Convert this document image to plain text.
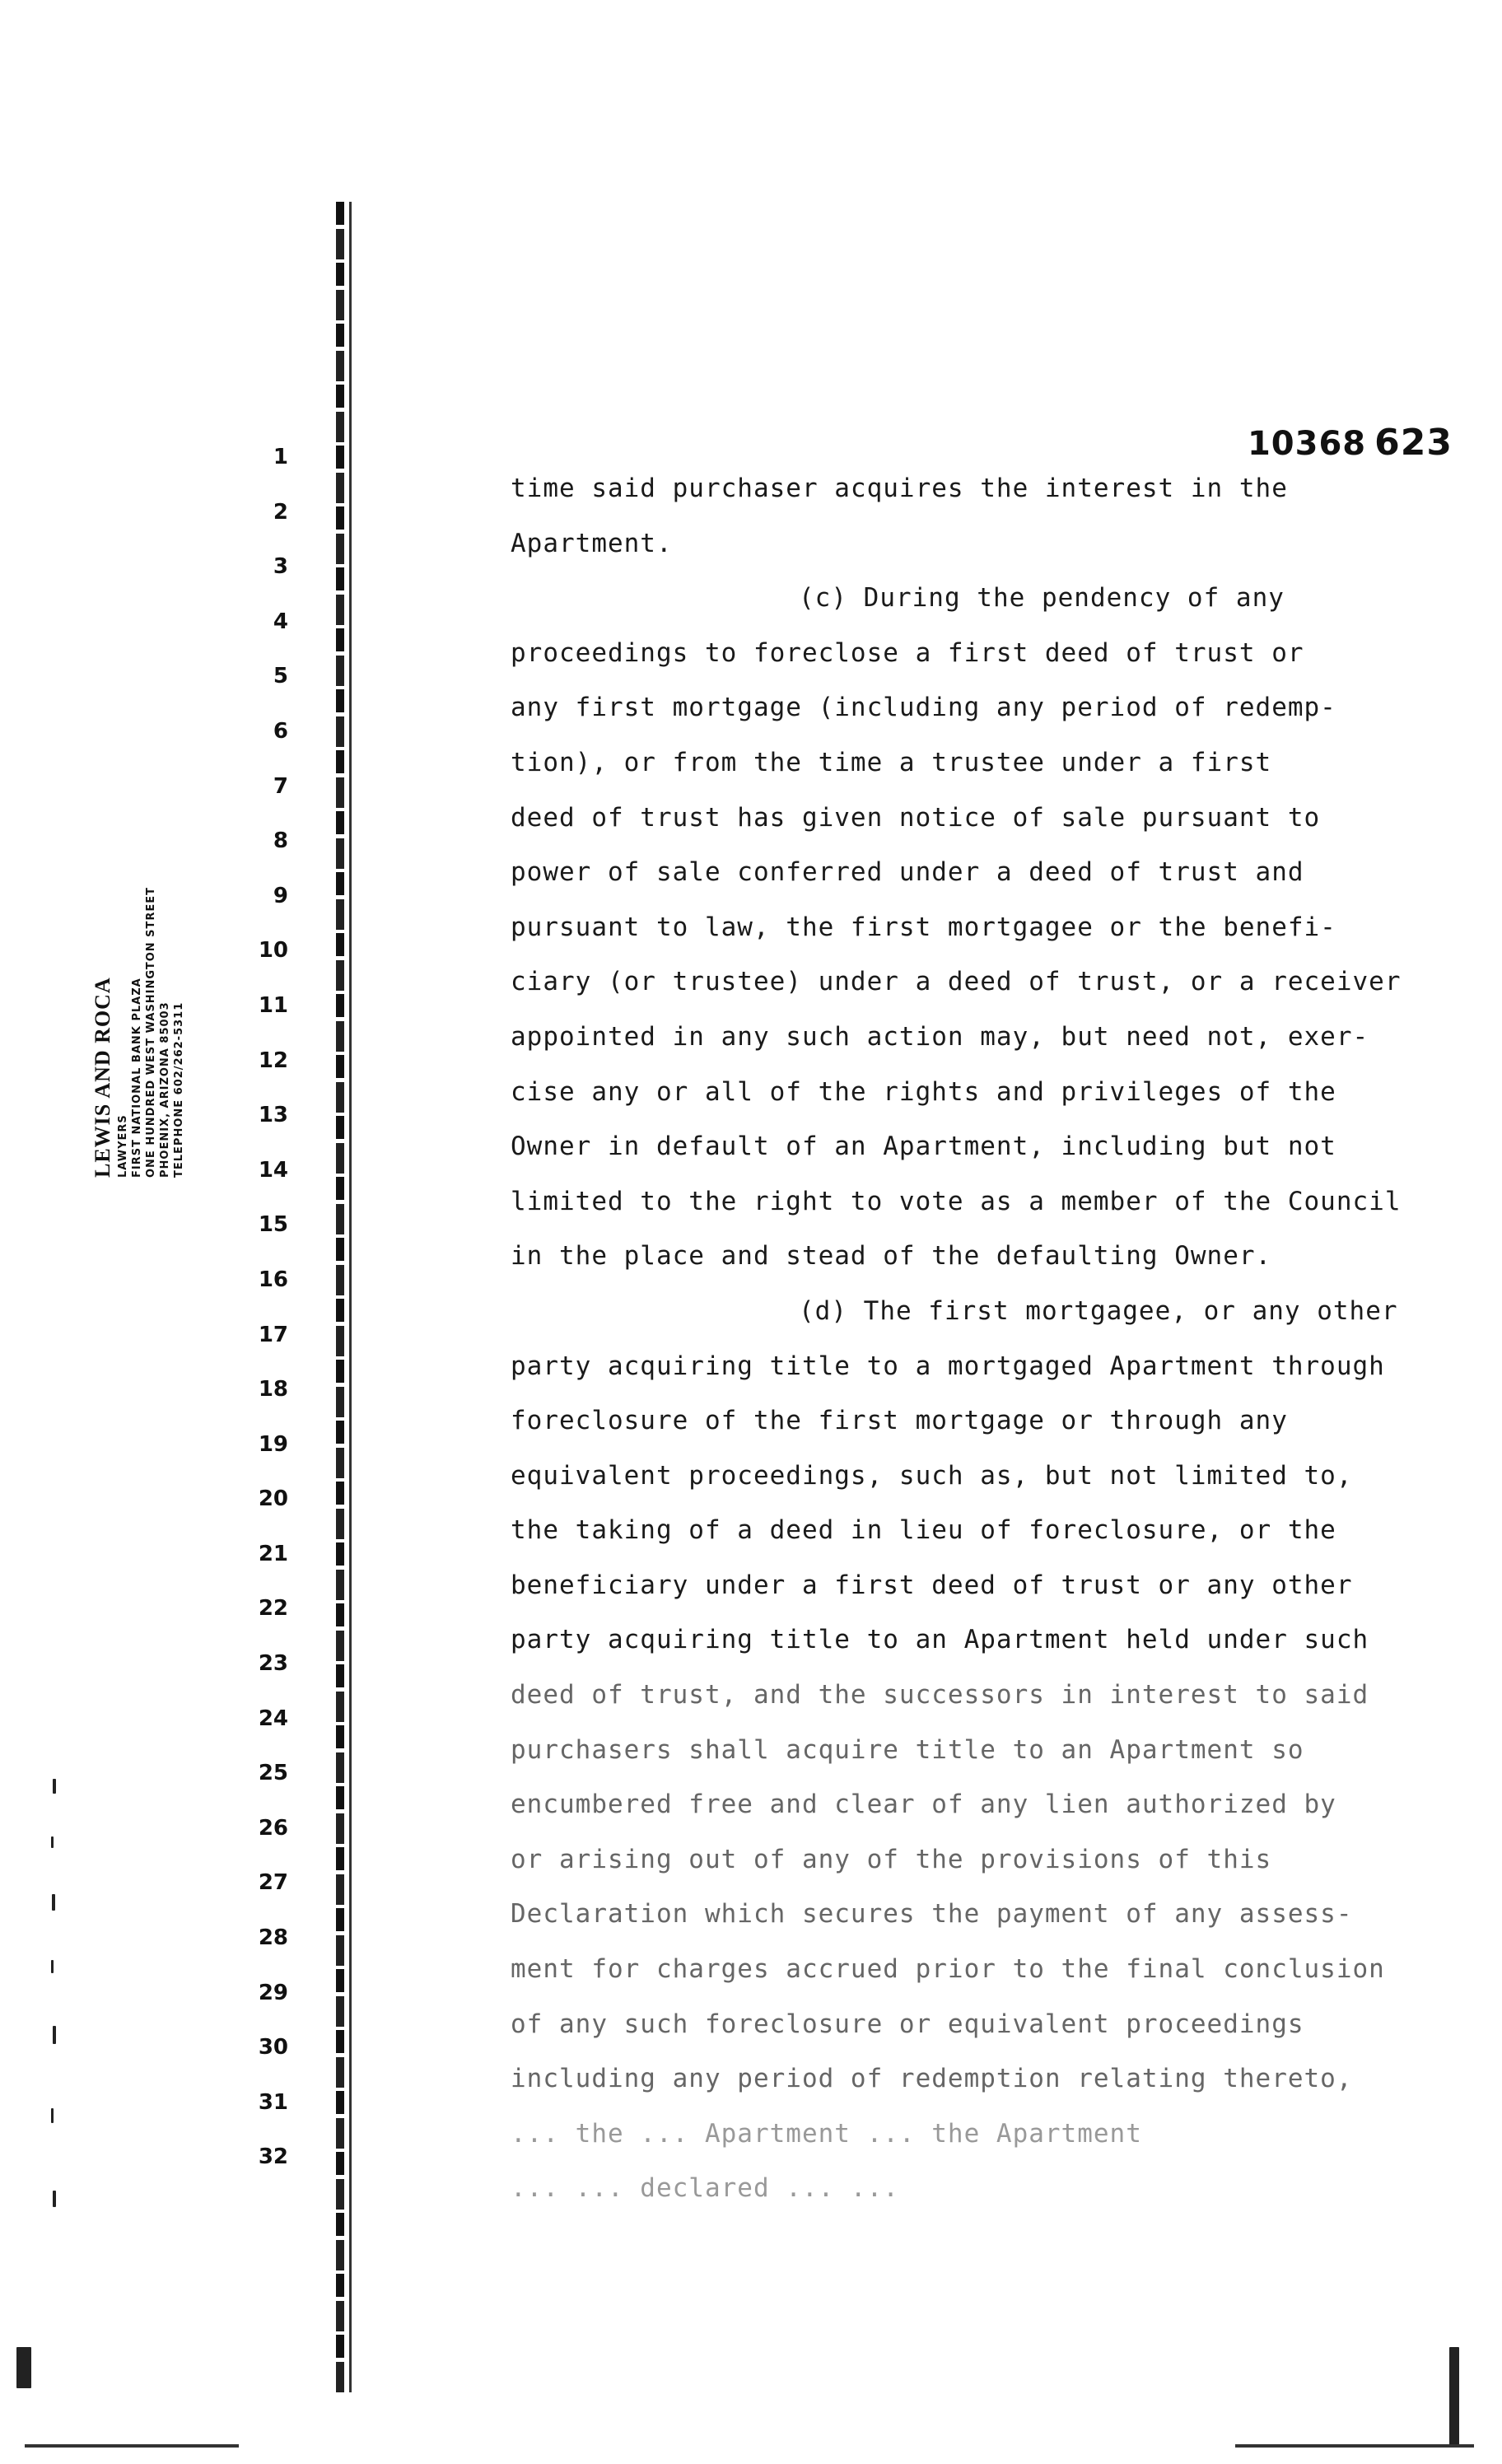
10368 623
LEWIS AND ROCA LAWYERS FIRST NATIONAL BANK PLAZA ONE HUNDRED WEST WASHINGTON STREET PHOENIX, ARIZONA 85003 TELEPHONE 602/262-5311
1
2
3
4
5
6
7
8
9
10
11
12
13
14
15
16
17
18
19
20
21
22
23
24
25
26
27
28
29
30
31
32
time said purchaser acquires the interest in the
Apartment.
(c) During the pendency of any
proceedings to foreclose a first deed of trust or
any first mortgage (including any period of redemp-
tion), or from the time a trustee under a first
deed of trust has given notice of sale pursuant to
power of sale conferred under a deed of trust and
pursuant to law, the first mortgagee or the benefi-
ciary (or trustee) under a deed of trust, or a receiver
appointed in any such action may, but need not, exer-
cise any or all of the rights and privileges of the
Owner in default of an Apartment, including but not
limited to the right to vote as a member of the Council
in the place and stead of the defaulting Owner.
(d) The first mortgagee, or any other
party acquiring title to a mortgaged Apartment through
foreclosure of the first mortgage or through any
equivalent proceedings, such as, but not limited to,
the taking of a deed in lieu of foreclosure, or the
beneficiary under a first deed of trust or any other
party acquiring title to an Apartment held under such
deed of trust, and the successors in interest to said
purchasers shall acquire title to an Apartment so
encumbered free and clear of any lien authorized by
or arising out of any of the provisions of this
Declaration which secures the payment of any assess-
ment for charges accrued prior to the final conclusion
of any such foreclosure or equivalent proceedings
including any period of redemption relating thereto,
... the ... Apartment ... the Apartment
... ... declared ... ...
